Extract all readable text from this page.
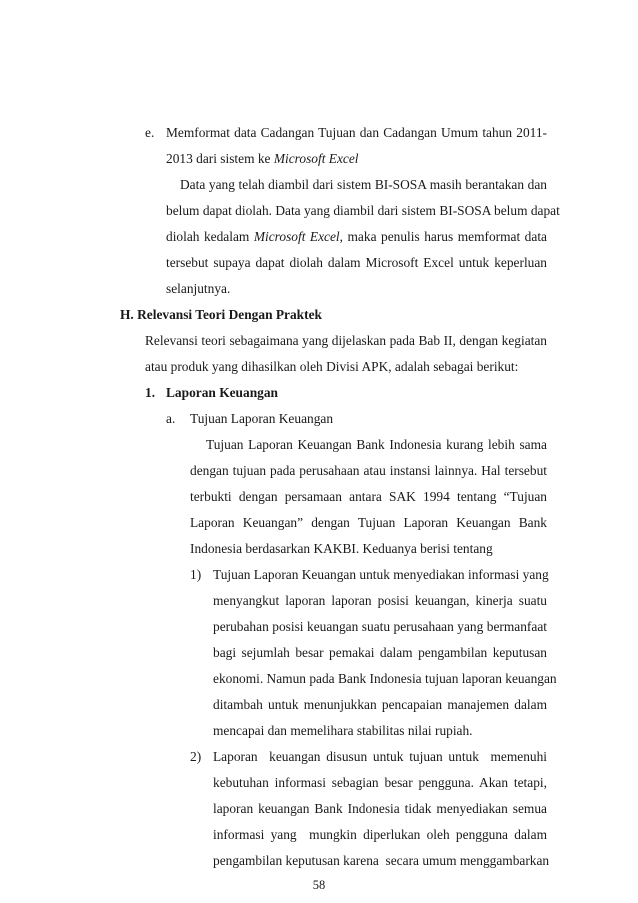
e. Memformat data Cadangan Tujuan dan Cadangan Umum tahun 2011-
2013 dari sistem ke Microsoft Excel
Data yang telah diambil dari sistem BI-SOSA masih berantakan dan
belum dapat diolah. Data yang diambil dari sistem BI-SOSA belum dapat
diolah kedalam Microsoft Excel, maka penulis harus memformat data
tersebut supaya dapat diolah dalam Microsoft Excel untuk keperluan
selanjutnya.
H. Relevansi Teori Dengan Praktek
Relevansi teori sebagaimana yang dijelaskan pada Bab II, dengan kegiatan
atau produk yang dihasilkan oleh Divisi APK, adalah sebagai berikut:
1. Laporan Keuangan
a. Tujuan Laporan Keuangan
Tujuan Laporan Keuangan Bank Indonesia kurang lebih sama
dengan tujuan pada perusahaan atau instansi lainnya. Hal tersebut
terbukti dengan persamaan antara SAK 1994 tentang “Tujuan
Laporan Keuangan” dengan Tujuan Laporan Keuangan Bank
Indonesia berdasarkan KAKBI. Keduanya berisi tentang
1) Tujuan Laporan Keuangan untuk menyediakan informasi yang
menyangkut laporan laporan posisi keuangan, kinerja suatu
perubahan posisi keuangan suatu perusahaan yang bermanfaat
bagi sejumlah besar pemakai dalam pengambilan keputusan
ekonomi. Namun pada Bank Indonesia tujuan laporan keuangan
ditambah untuk menunjukkan pencapaian manajemen dalam
mencapai dan memelihara stabilitas nilai rupiah.
2) Laporan  keuangan disusun untuk tujuan untuk  memenuhi
kebutuhan informasi sebagian besar pengguna. Akan tetapi,
laporan keuangan Bank Indonesia tidak menyediakan semua
informasi yang  mungkin diperlukan oleh pengguna dalam
pengambilan keputusan karena  secara umum menggambarkan
58
